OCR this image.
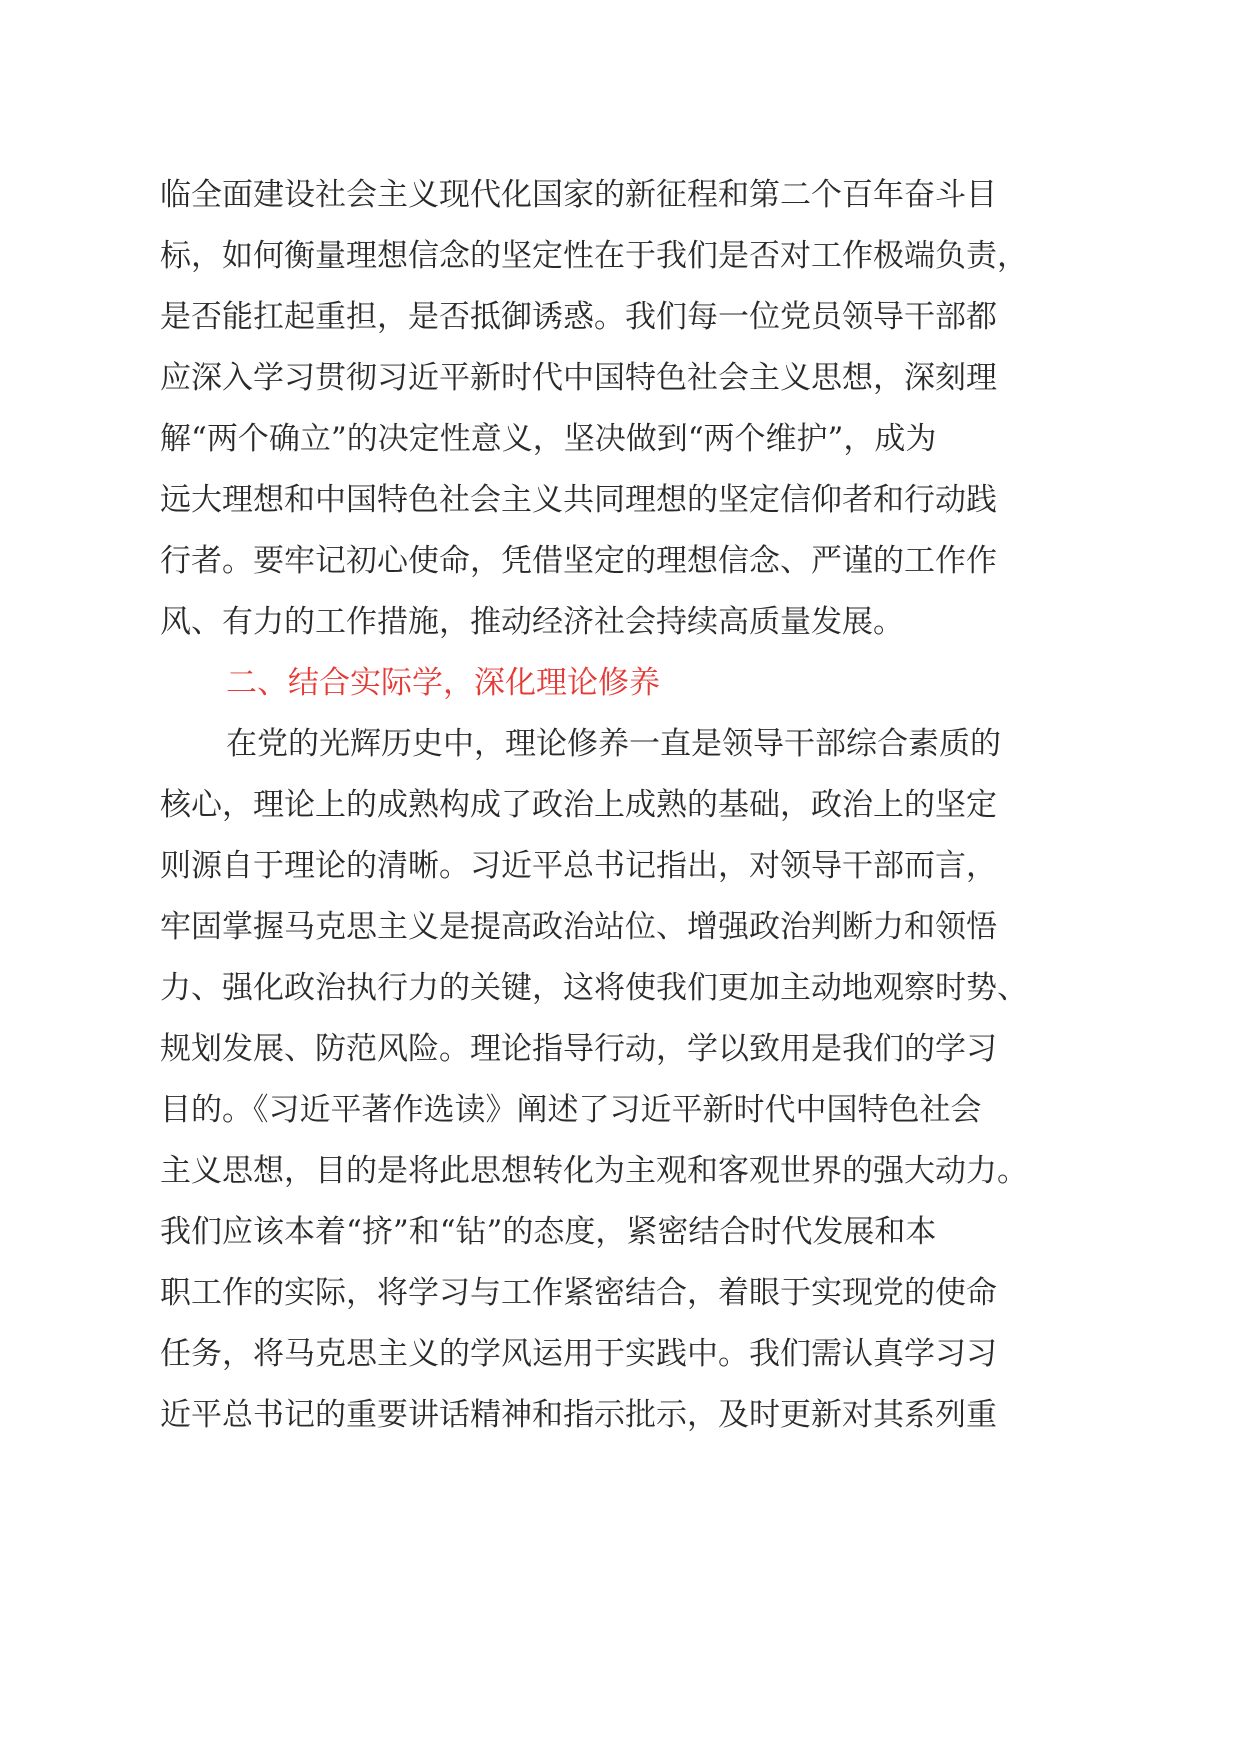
临全面建设社会主义现代化国家的新征程和第二个百年奋斗目
标，如何衡量理想信念的坚定性在于我们是否对工作极端负责，
是否能扛起重担，是否抵御诱惑。我们每一位党员领导干部都
应深入学习贯彻习近平新时代中国特色社会主义思想，深刻理
解“两个确立”的决定性意义，坚决做到“两个维护”，成为
远大理想和中国特色社会主义共同理想的坚定信仰者和行动践
行者。要牢记初心使命，凭借坚定的理想信念、严谨的工作作
风、有力的工作措施，推动经济社会持续高质量发展。
二、结合实际学，深化理论修养
在党的光辉历史中，理论修养一直是领导干部综合素质的
核心，理论上的成熟构成了政治上成熟的基础，政治上的坚定
则源自于理论的清晰。习近平总书记指出，对领导干部而言，
牢固掌握马克思主义是提高政治站位、增强政治判断力和领悟
力、强化政治执行力的关键，这将使我们更加主动地观察时势、
规划发展、防范风险。理论指导行动，学以致用是我们的学习
目的。《习近平著作选读》阐述了习近平新时代中国特色社会
主义思想，目的是将此思想转化为主观和客观世界的强大动力。
我们应该本着“挤”和“钻”的态度，紧密结合时代发展和本
职工作的实际，将学习与工作紧密结合，着眼于实现党的使命
任务，将马克思主义的学风运用于实践中。我们需认真学习习
近平总书记的重要讲话精神和指示批示，及时更新对其系列重
